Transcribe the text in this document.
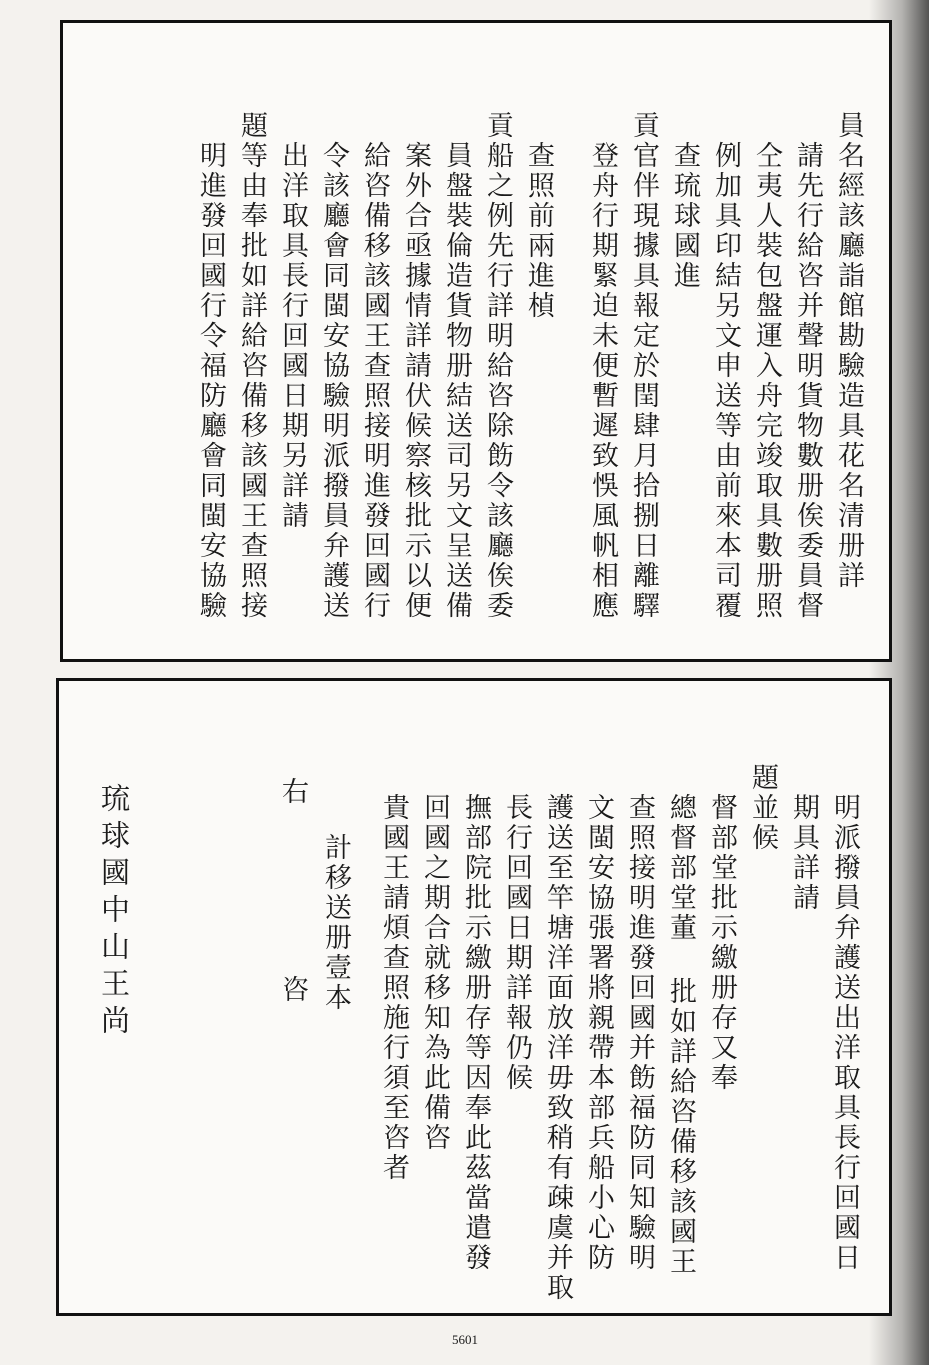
員名經該廳詣館勘驗造具花名清册詳
請先行給咨并聲明貨物數册俟委員督
仝夷人裝包盤運入舟完竣取具數册照
例加具印結另文申送等由前來本司覆
查琉球國進
貢官伴現據具報定於閏肆月拾捌日離驛
登舟行期緊迫未便暫遲致悞風帆相應
查照前兩進楨
貢船之例先行詳明給咨除飭令該廳俟委
員盤裝倫造貨物册結送司另文呈送備
案外合亟據情詳請伏候察核批示以便
給咨備移該國王查照接明進發回國行
令該廳會同閩安協驗明派撥員弁護送
出洋取具長行回國日期另詳請
題等由奉批如詳給咨備移該國王查照接
明進發回國行令福防廳會同閩安協驗
明派撥員弁護送出洋取具長行回國日
期具詳請
題並候
督部堂批示繳册存又奉
總督部堂董 批如詳給咨備移該國王
查照接明進發回國并飭福防同知驗明
文閩安協張署將親帶本部兵船小心防
護送至竿塘洋面放洋毋致稍有疎虞并取
長行回國日期詳報仍候
撫部院批示繳册存等因奉此茲當遣發
回國之期合就移知為此備咨
貴國王請煩查照施行須至咨者
計移送册壹本
右 咨
琉球國中山王尚
5601
